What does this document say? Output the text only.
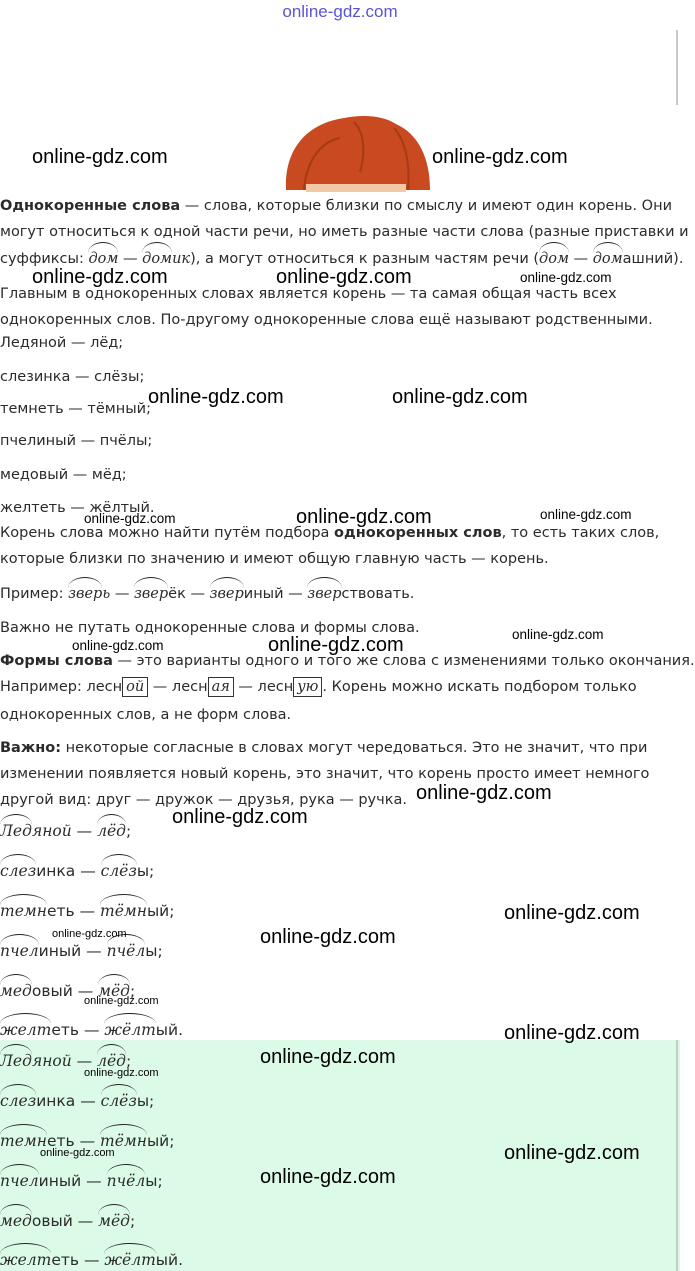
online-gdz.com
Однокоренные слова — слова, которые близки по смыслу и имеют один корень. Они
могут относиться к одной части речи, но иметь разные части слова (разные приставки и
суффиксы: дом — домик), а могут относиться к разным частям речи (дом — домашний).
Главным в однокоренных словах является корень — та самая общая часть всех
однокоренных слов. По-другому однокоренные слова ещё называют родственными.
Ледяной — лёд;
слезинка — слёзы;
темнеть — тёмный;
пчелиный — пчёлы;
медовый — мёд;
желтеть — жёлтый.
Корень слова можно найти путём подбора однокоренных слов, то есть таких слов,
которые близки по значению и имеют общую главную часть — корень.
Пример: зверь — зверёк — звериный — зверствовать.
Важно не путать однокоренные слова и формы слова.
Формы слова — это варианты одного и того же слова с изменениями только окончания.
Например: лесн ой — лесн ая — лесн ую . Корень можно искать подбором только
однокоренных слов, а не форм слова.
Важно: некоторые согласные в словах могут чередоваться. Это не значит, что при
изменении появляется новый корень, это значит, что корень просто имеет немного
другой вид: друг — дружок — друзья, рука — ручка.
Ледяной — лёд;
слезинка — слёзы;
темнеть — тёмный;
пчелиный — пчёлы;
медовый — мёд;
желтеть — жёлтый.
Ледяной — лёд;
слезинка — слёзы;
темнеть — тёмный;
пчелиный — пчёлы;
медовый — мёд;
желтеть — жёлтый.
online-gdz.com	online-gdz.com
online-gdz.com	online-gdz.com	online-gdz.com
online-gdz.com	online-gdz.com
online-gdz.com	online-gdz.com	online-gdz.com
online-gdz.com	online-gdz.com	online-gdz.com
online-gdz.com
online-gdz.com
online-gdz.com
online-gdz.com	online-gdz.com
online-gdz.com
online-gdz.com
online-gdz.com
online-gdz.com
online-gdz.com
online-gdz.com
online-gdz.com
